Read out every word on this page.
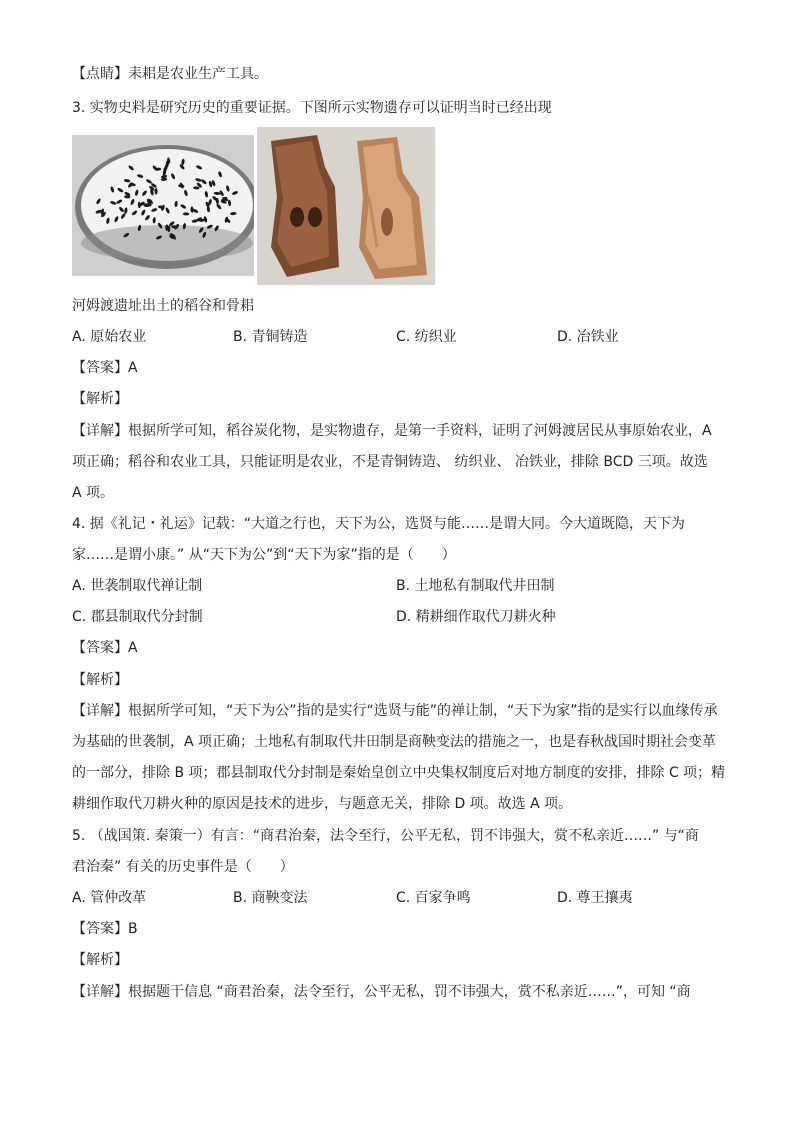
【点睛】耒耜是农业生产工具。
3. 实物史料是研究历史的重要证据。下图所示实物遗存可以证明当时已经出现
河姆渡遗址出土的稻谷和骨耜
A. 原始农业	B. 青铜铸造	C. 纺织业	D. 冶铁业
【答案】A
【解析】
【详解】根据所学可知，稻谷炭化物，是实物遗存，是第一手资料，证明了河姆渡居民从事原始农业，A
项正确；稻谷和农业工具，只能证明是农业，不是青铜铸造、 纺织业、 冶铁业，排除 BCD 三项。故选
A 项。
4. 据《礼记・礼运》记载：“大道之行也，天下为公，选贤与能……是谓大同。今大道既隐，天下为
家……是谓小康。” 从“天下为公”到“天下为家”指的是（　　）
A. 世袭制取代禅让制	B. 土地私有制取代井田制
C. 郡县制取代分封制	D. 精耕细作取代刀耕火种
【答案】A
【解析】
【详解】根据所学可知，“天下为公”指的是实行“选贤与能”的禅让制，“天下为家”指的是实行以血缘传承
为基础的世袭制，A 项正确；土地私有制取代井田制是商鞅变法的措施之一，也是春秋战国时期社会变革
的一部分，排除 B 项；郡县制取代分封制是秦始皇创立中央集权制度后对地方制度的安排，排除 C 项；精
耕细作取代刀耕火种的原因是技术的进步，与题意无关，排除 D 项。故选 A 项。
5. （战国策. 秦策一）有言：“商君治秦，法令至行，公平无私，罚不讳强大，赏不私亲近……” 与“商
君治秦” 有关的历史事件是（　　）
A. 管仲改革	B. 商鞅变法	C. 百家争鸣	D. 尊王攘夷
【答案】B
【解析】
【详解】根据题干信息 “商君治秦，法令至行，公平无私，罚不讳强大，赏不私亲近……”，可知 “商
